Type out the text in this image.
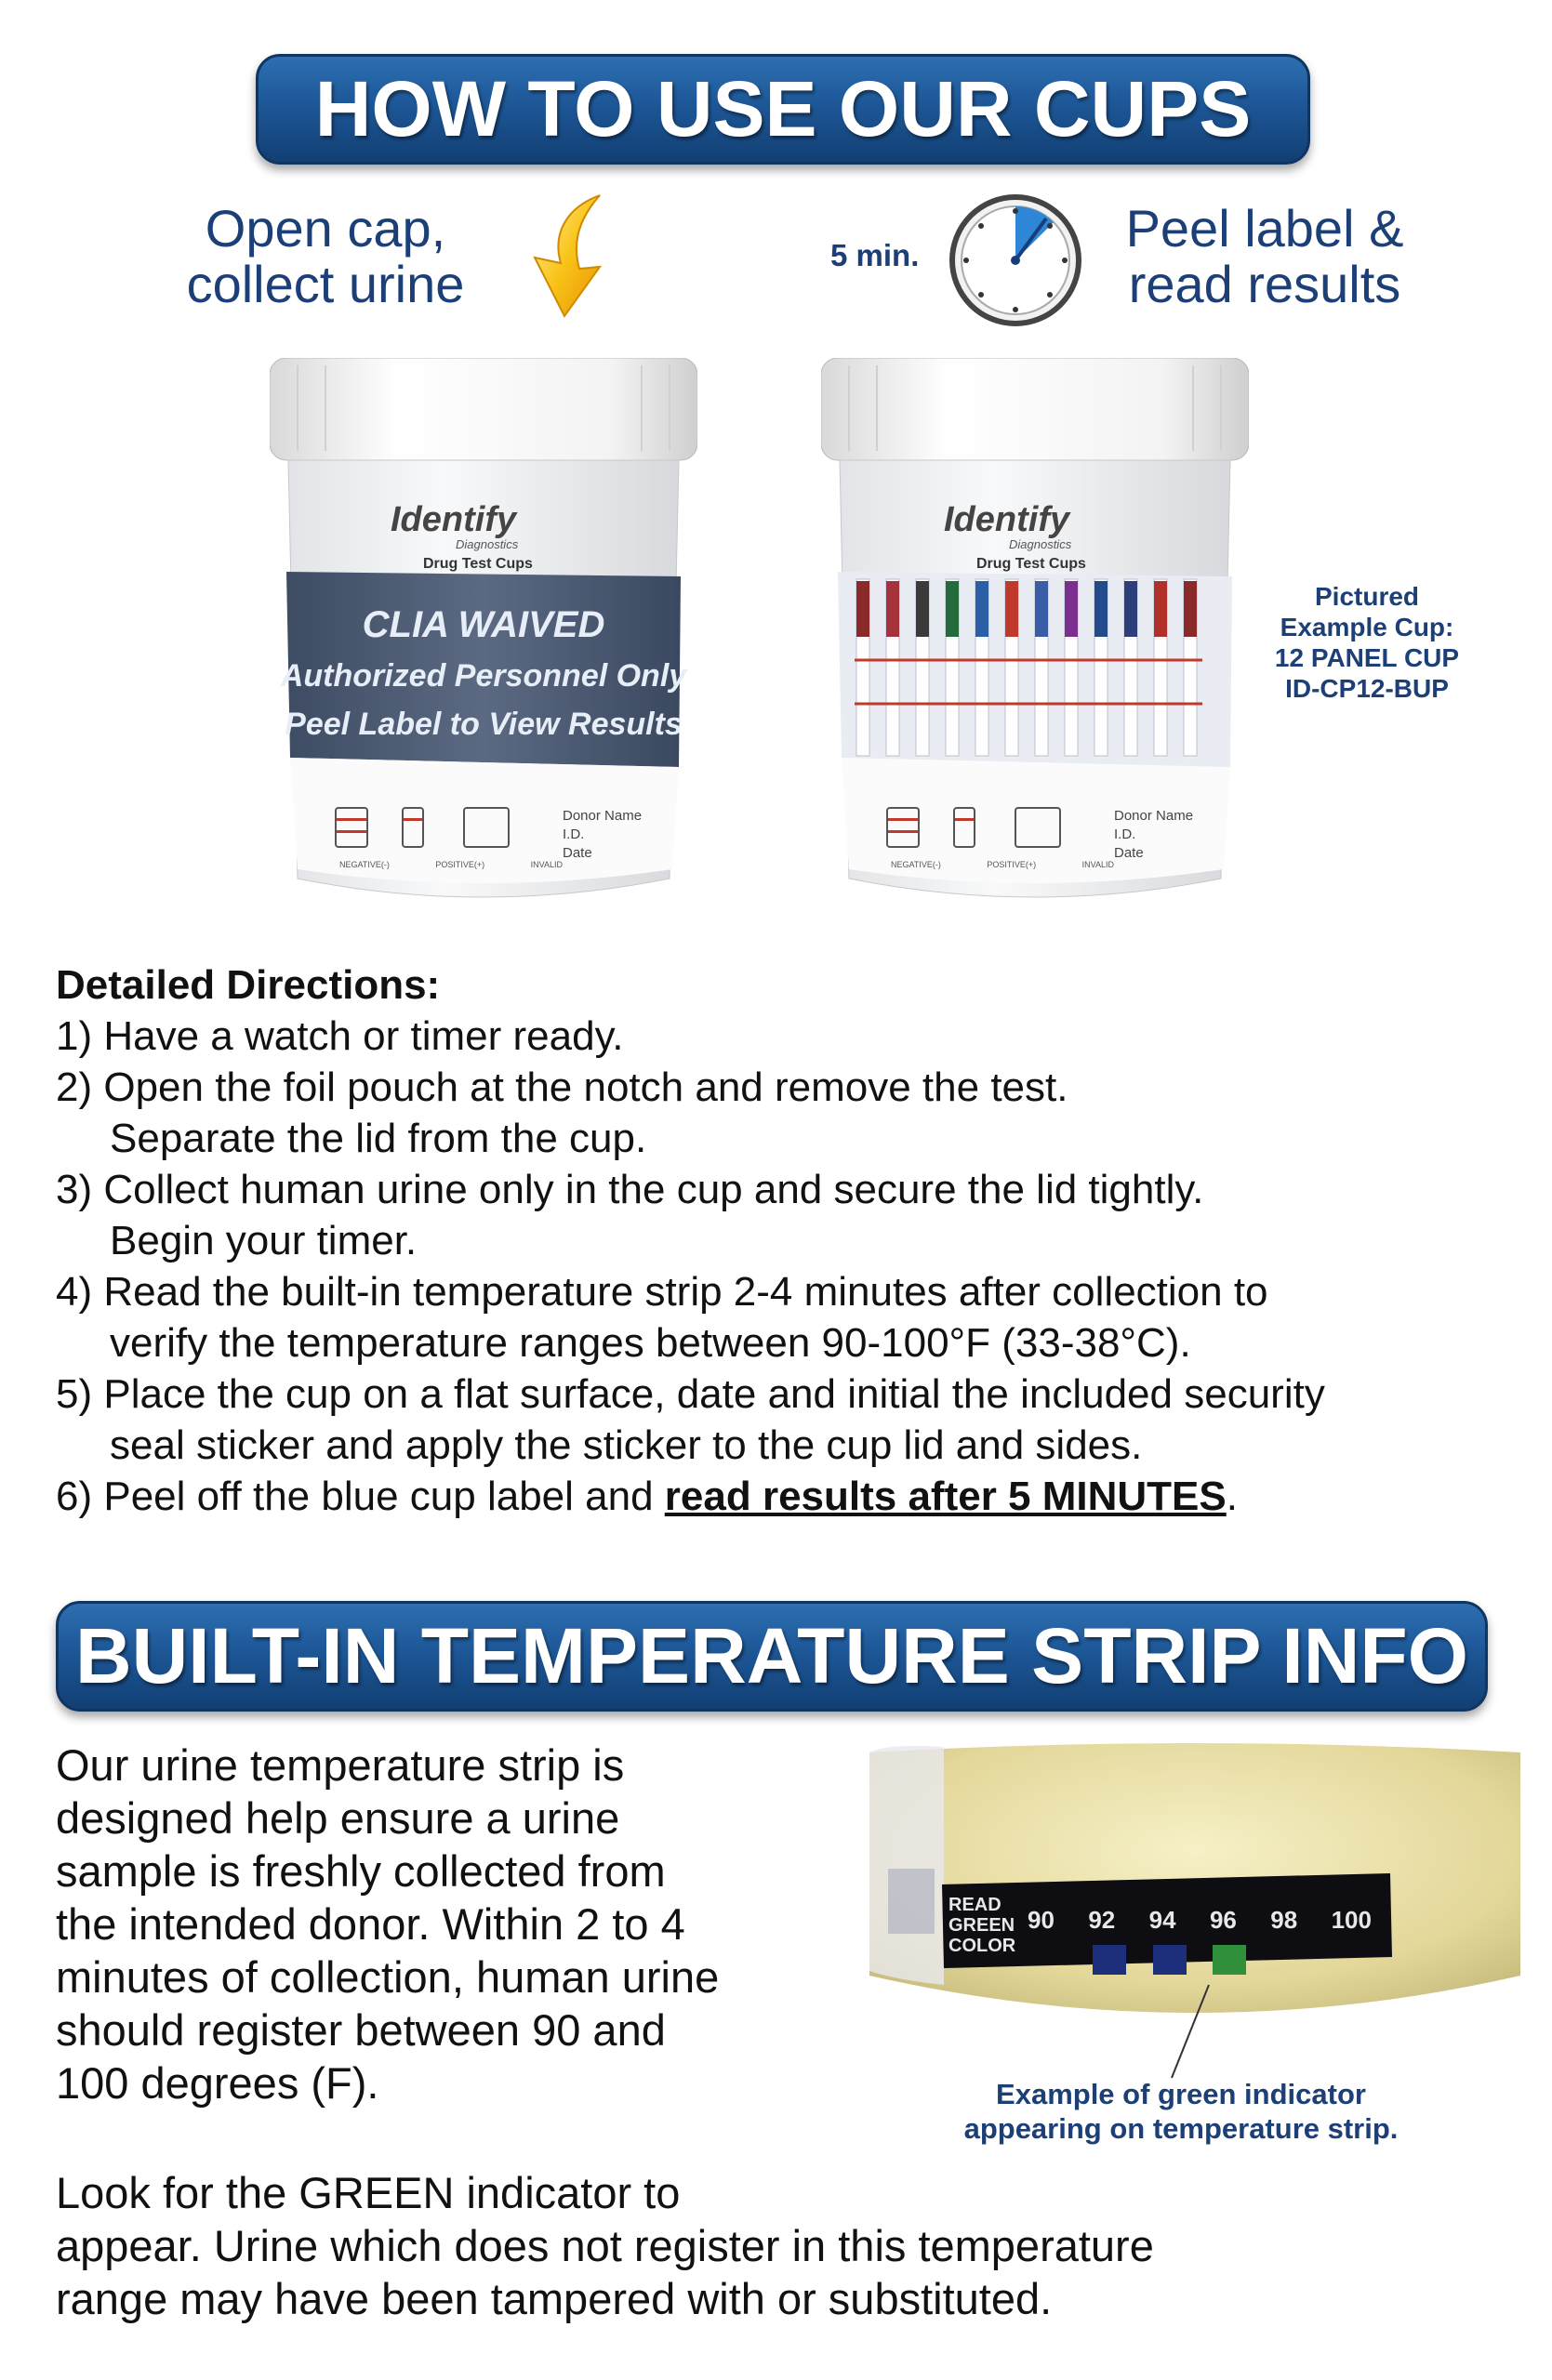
HOW TO USE OUR CUPS
Open cap,
collect urine	5 min.	Peel label &
read results
Identify
Diagnostics
Drug Test Cups
CLIA WAIVED
Authorized Personnel Only
Peel Label to View Results
NEGATIVE(-)	POSITIVE(+)	INVALID
Donor Name
I.D.
Date
Identify
Diagnostics
Drug Test Cups
NEGATIVE(-)	POSITIVE(+)	INVALID
Donor Name
I.D.
Date
Pictured
Example Cup:
12 PANEL CUP
ID-CP12-BUP
Detailed Directions:
1) Have a watch or timer ready.
2) Open the foil pouch at the notch and remove the test.
Separate the lid from the cup.
3) Collect human urine only in the cup and secure the lid tightly.
Begin your timer.
4) Read the built-in temperature strip 2-4 minutes after collection to
verify the temperature ranges between 90-100°F (33-38°C).
5) Place the cup on a flat surface, date and initial the included security
seal sticker and apply the sticker to the cup lid and sides.
6) Peel off the blue cup label and read results after 5 MINUTES.
BUILT-IN TEMPERATURE STRIP INFO
Our urine temperature strip is
designed help ensure a urine
sample is freshly collected from
the intended donor. Within 2 to 4
minutes of collection, human urine
should register between 90 and
100 degrees (F).
Look for the GREEN indicator to
appear. Urine which does not register in this temperature
range may have been tampered with or substituted.
READ
GREEN
COLOR
90 92 94 96 98 100
Example of green indicator
appearing on temperature strip.
